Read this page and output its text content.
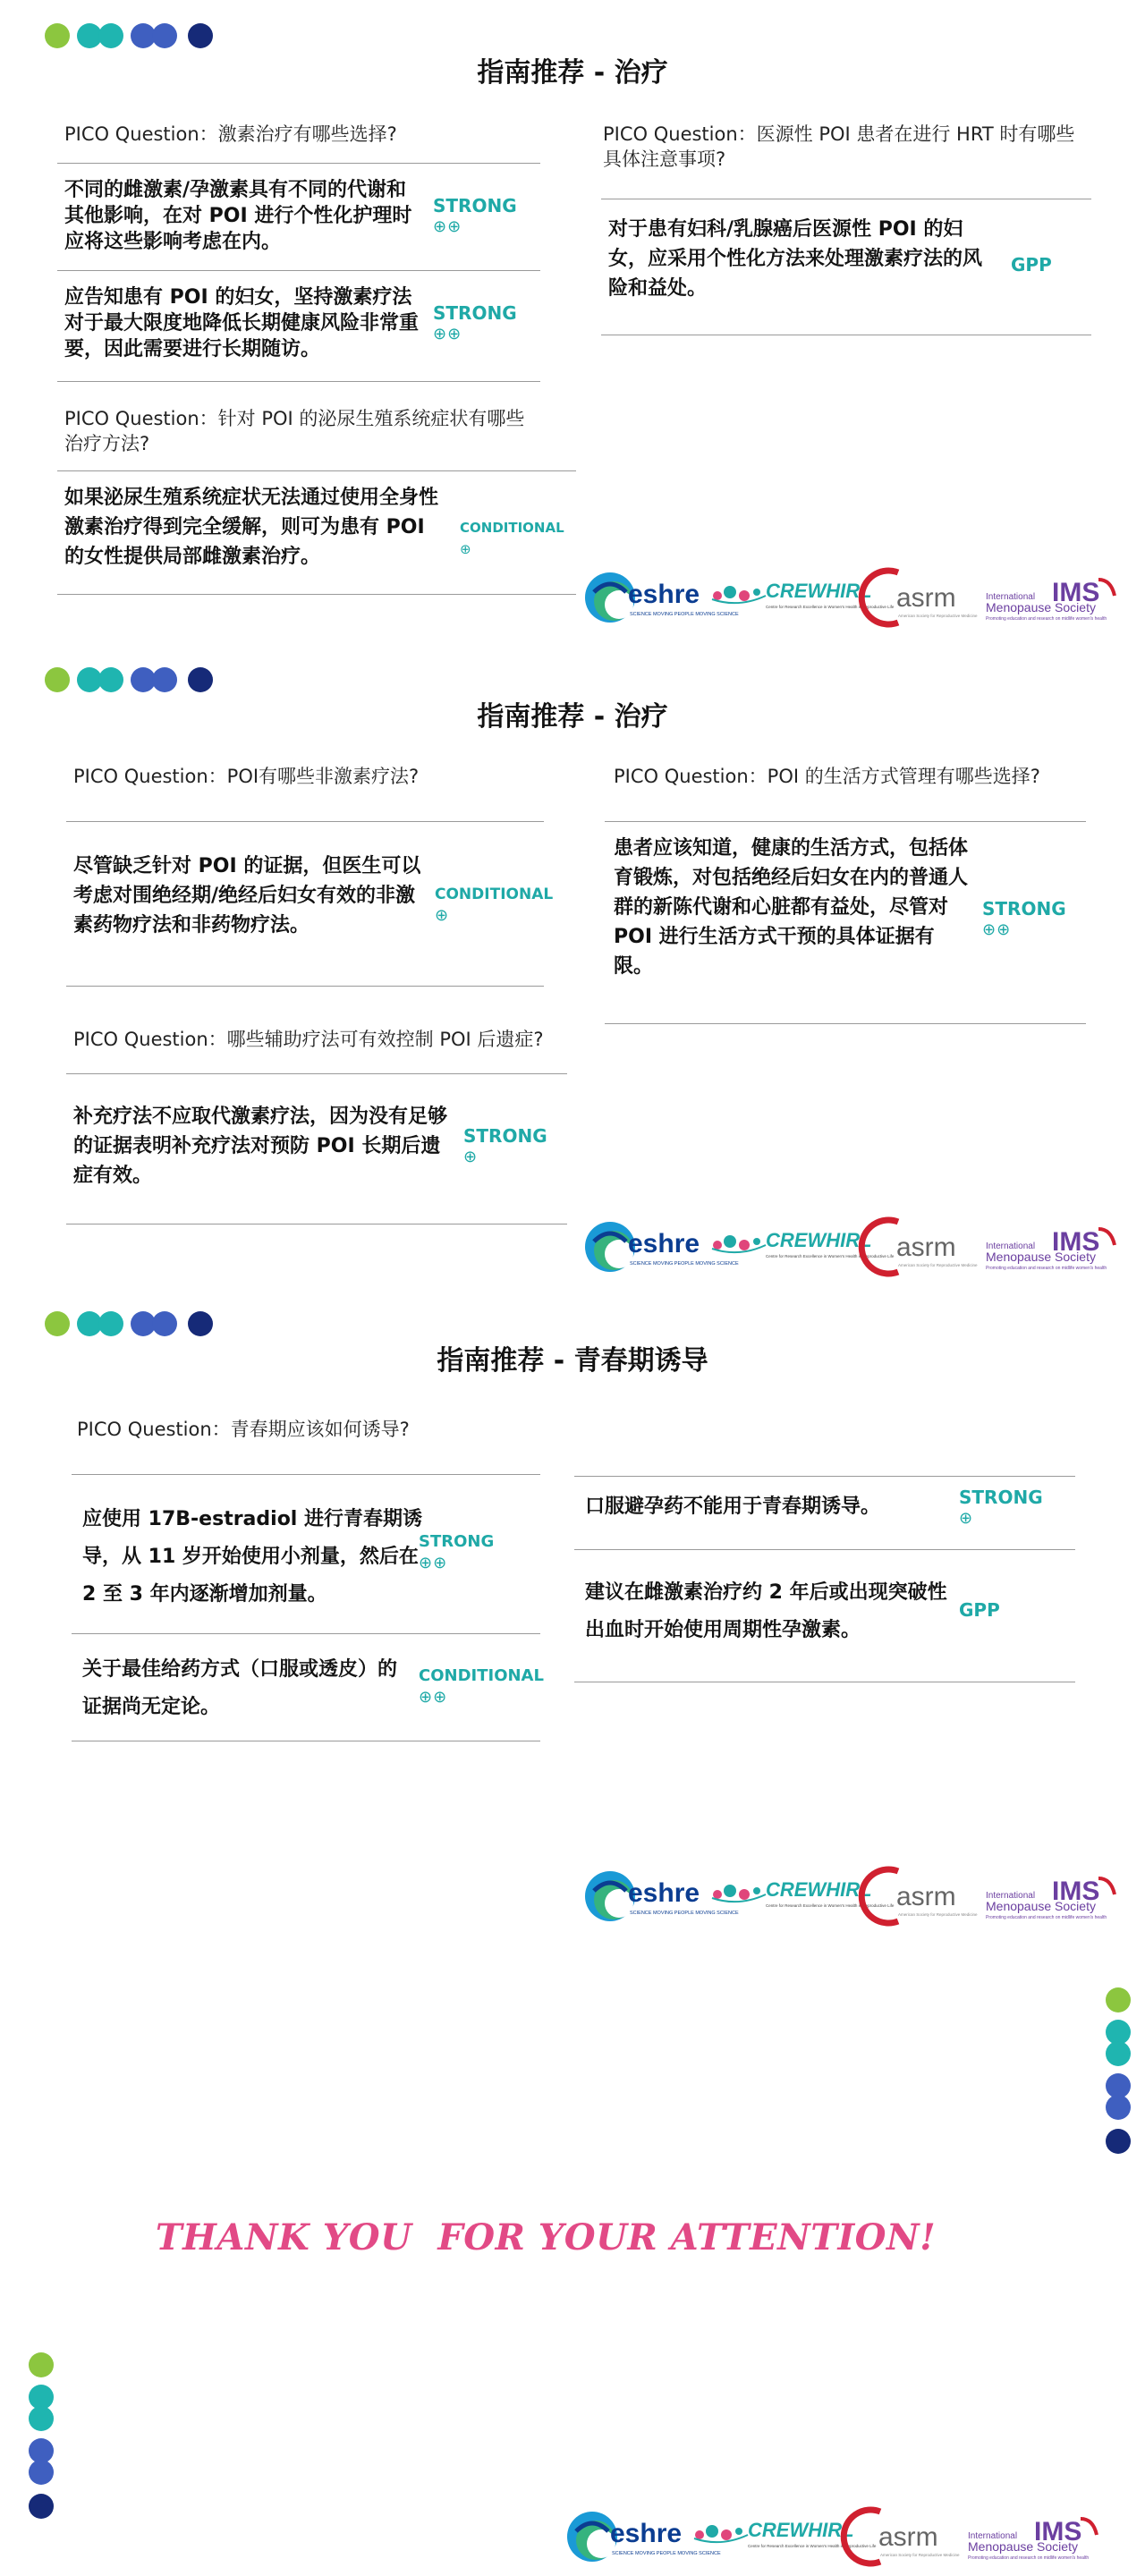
指南推荐 - 治疗
PICO Question：激素治疗有哪些选择?
不同的雌激素/孕激素具有不同的代谢和其他影响，在对 POI 进行个性化护理时应将这些影响考虑在内。
STRONG
⊕⊕
应告知患有 POI 的妇女，坚持激素疗法对于最大限度地降低长期健康风险非常重要，因此需要进行长期随访。
STRONG
⊕⊕
PICO Question：针对 POI 的泌尿生殖系统症状有哪些治疗方法?
如果泌尿生殖系统症状无法通过使用全身性激素治疗得到完全缓解，则可为患有 POI 的女性提供局部雌激素治疗。
CONDITIONAL
⊕
PICO Question：医源性 POI 患者在进行 HRT 时有哪些具体注意事项?
对于患有妇科/乳腺癌后医源性 POI 的妇女，应采用个性化方法来处理激素疗法的风险和益处。
GPP
eshre
SCIENCE MOVING PEOPLE MOVING SCIENCE
CREWHIRL
Centre for Research Excellence in Women's Health in Reproductive Life asrm
American Society for Reproductive Medicine
International IMS
Menopause Society
Promoting education and research on midlife women's health
指南推荐 - 治疗
PICO Question：POI有哪些非激素疗法?
尽管缺乏针对 POI 的证据，但医生可以考虑对围绝经期/绝经后妇女有效的非激素药物疗法和非药物疗法。
CONDITIONAL
⊕
PICO Question：哪些辅助疗法可有效控制 POI 后遗症?
补充疗法不应取代激素疗法，因为没有足够的证据表明补充疗法对预防 POI 长期后遗症有效。
STRONG
⊕
PICO Question：POI 的生活方式管理有哪些选择?
患者应该知道，健康的生活方式，包括体育锻炼，对包括绝经后妇女在内的普通人群的新陈代谢和心脏都有益处，尽管对 POI 进行生活方式干预的具体证据有限。
STRONG
⊕⊕
eshre
SCIENCE MOVING PEOPLE MOVING SCIENCE
CREWHIRL
Centre for Research Excellence in Women's Health in Reproductive Life asrm
American Society for Reproductive Medicine
International IMS
Menopause Society
Promoting education and research on midlife women's health
指南推荐 - 青春期诱导
PICO Question：青春期应该如何诱导?
应使用 17B-estradiol 进行青春期诱导，从 11 岁开始使用小剂量，然后在 2 至 3 年内逐渐增加剂量。
STRONG
⊕⊕
关于最佳给药方式（口服或透皮）的证据尚无定论。
CONDITIONAL
⊕⊕
口服避孕药不能用于青春期诱导。	STRONG
⊕
建议在雌激素治疗约 2 年后或出现突破性出血时开始使用周期性孕激素。
GPP
eshre
SCIENCE MOVING PEOPLE MOVING SCIENCE
CREWHIRL
Centre for Research Excellence in Women's Health in Reproductive Life asrm
American Society for Reproductive Medicine
International IMS
Menopause Society
Promoting education and research on midlife women's health
eshre
SCIENCE MOVING PEOPLE MOVING SCIENCE
CREWHIRL
Centre for Research Excellence in Women's Health in Reproductive Life asrm
American Society for Reproductive Medicine
International IMS
Menopause Society
Promoting education and research on midlife women's health
THANK YOU  FOR YOUR ATTENTION!
